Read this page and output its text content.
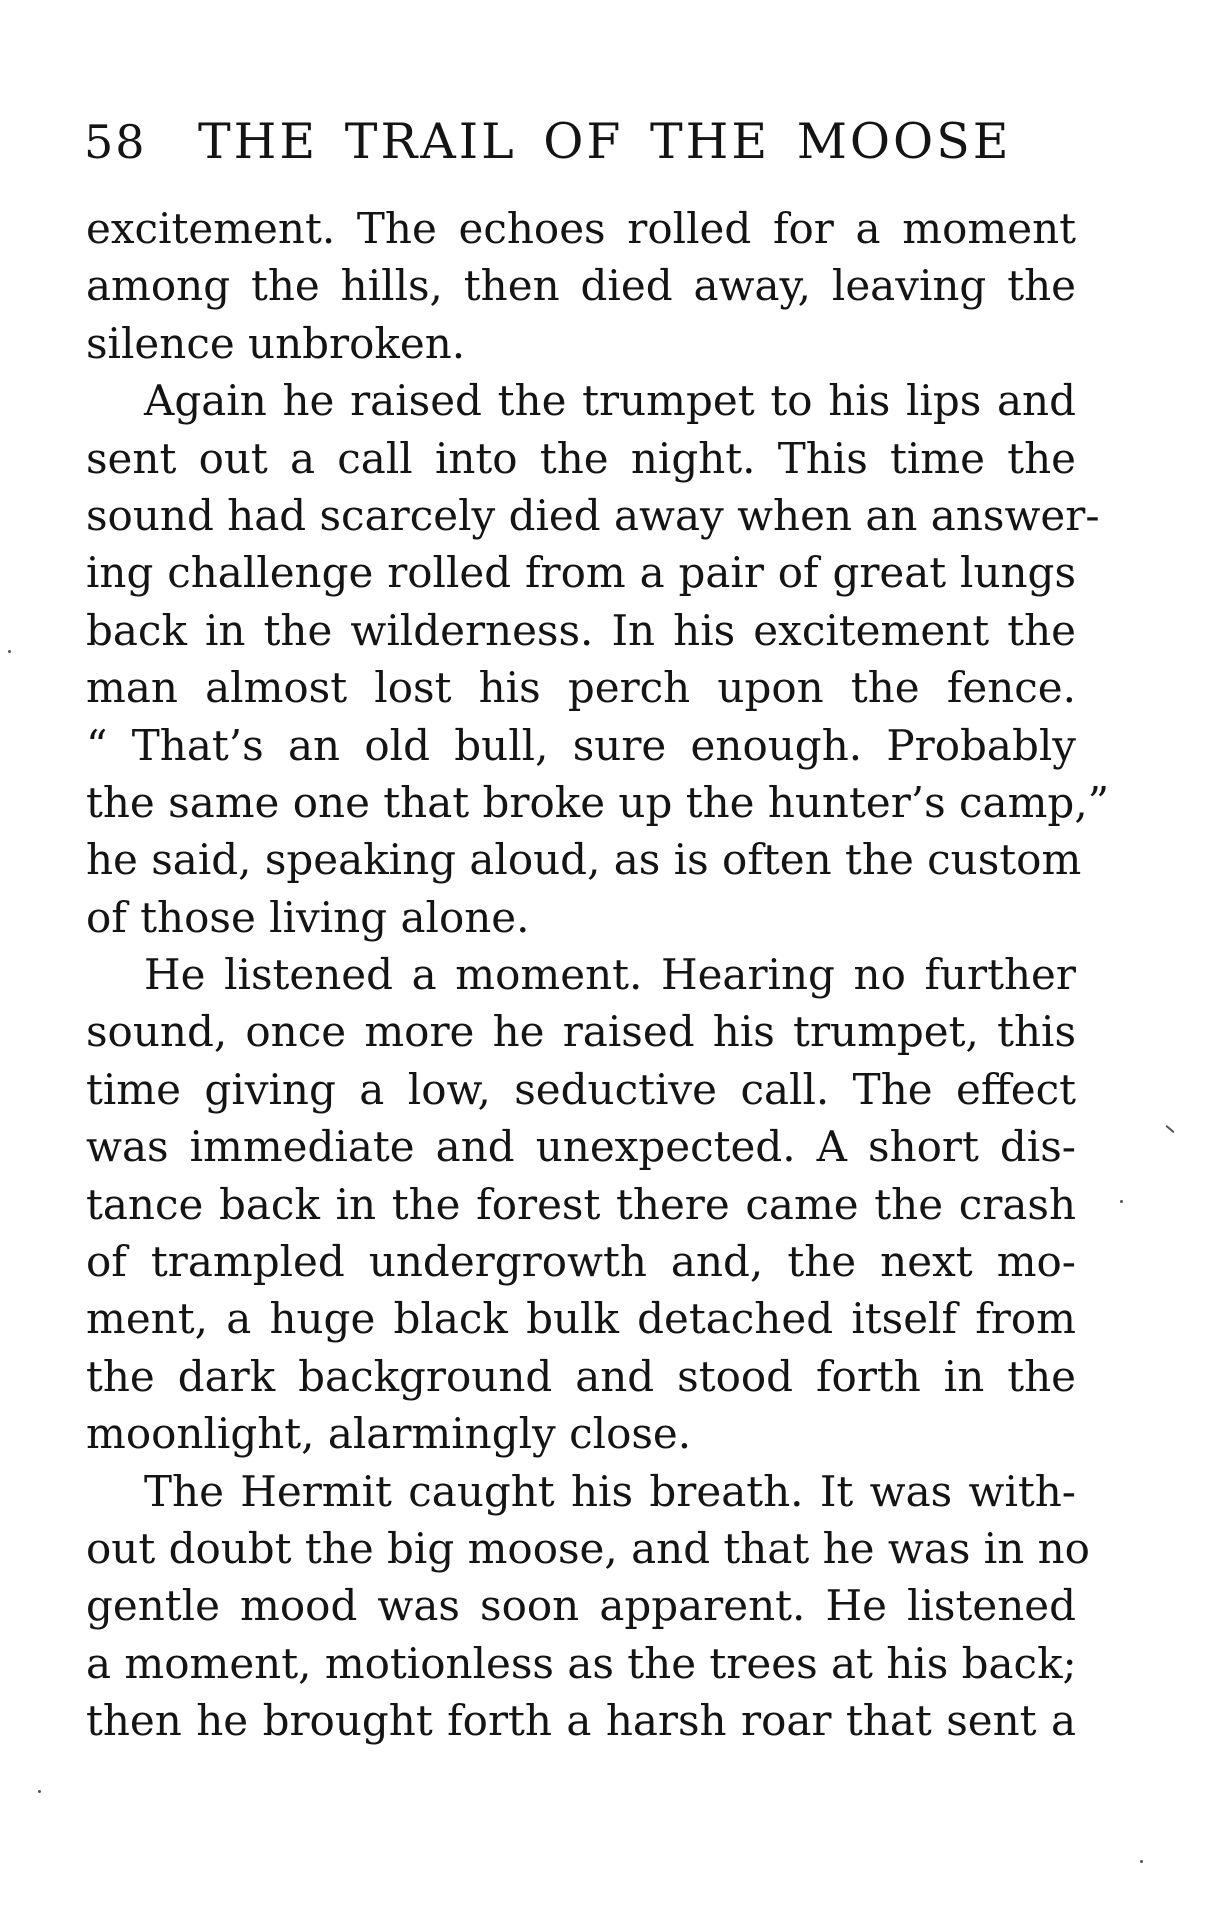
58 THE TRAIL OF THE MOOSE
excitement. The echoes rolled for a moment
among the hills, then died away, leaving the
silence unbroken.
Again he raised the trumpet to his lips and
sent out a call into the night. This time the
sound had scarcely died away when an answer-
ing challenge rolled from a pair of great lungs
back in the wilderness. In his excitement the
man almost lost his perch upon the fence.
“ That’s an old bull, sure enough. Probably
the same one that broke up the hunter’s camp,”
he said, speaking aloud, as is often the custom
of those living alone.
He listened a moment. Hearing no further
sound, once more he raised his trumpet, this
time giving a low, seductive call. The effect
was immediate and unexpected. A short dis-
tance back in the forest there came the crash
of trampled undergrowth and, the next mo-
ment, a huge black bulk detached itself from
the dark background and stood forth in the
moonlight, alarmingly close.
The Hermit caught his breath. It was with-
out doubt the big moose, and that he was in no
gentle mood was soon apparent. He listened
a moment, motionless as the trees at his back;
then he brought forth a harsh roar that sent a
